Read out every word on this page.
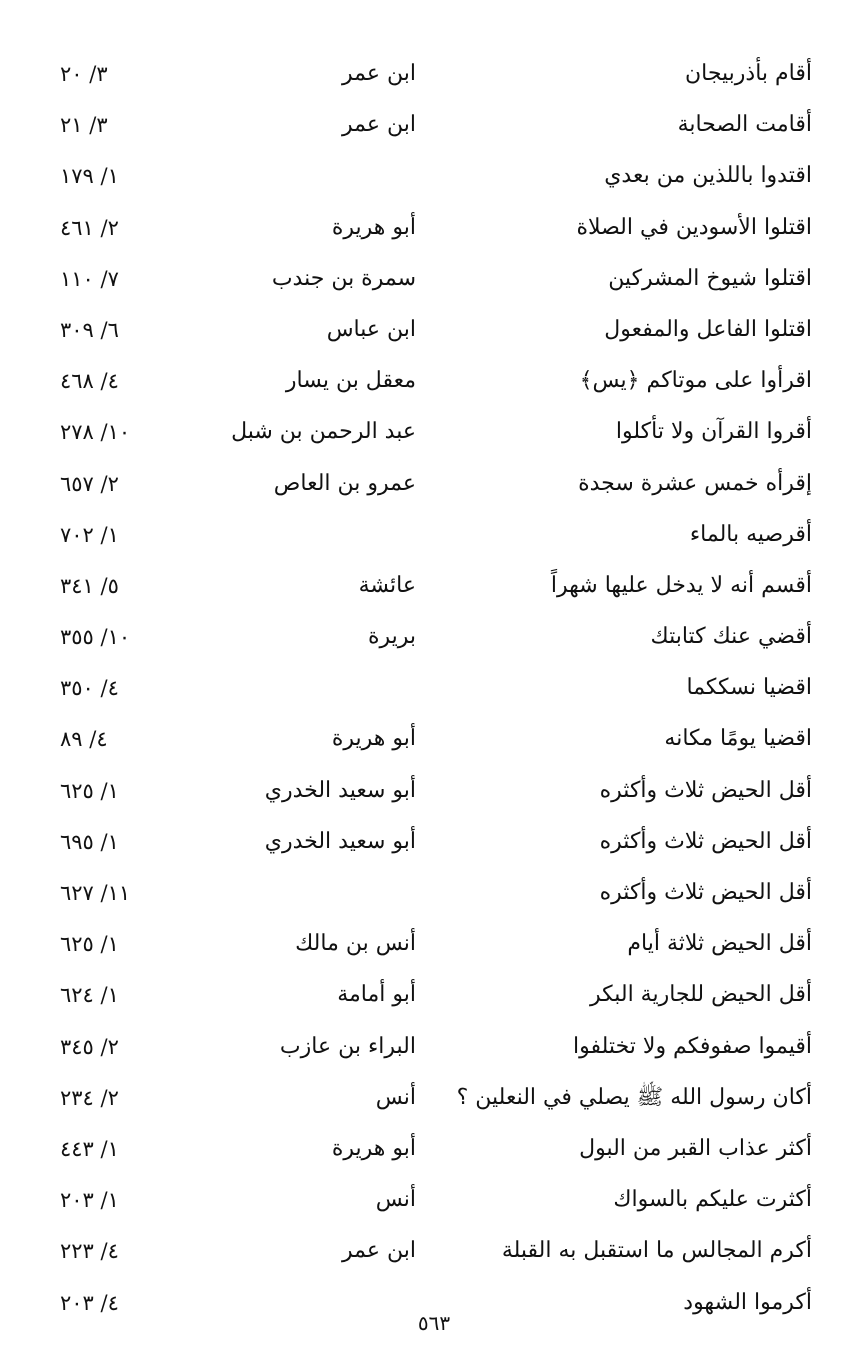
أقام بأذربيجان
ابن عمر
٣/ ٢٠
أقامت الصحابة
ابن عمر
٣/ ٢١
اقتدوا باللذين من بعدي
١/ ١٧٩
اقتلوا الأسودين في الصلاة
أبو هريرة
٢/ ٤٦١
اقتلوا شيوخ المشركين
سمرة بن جندب
٧/ ١١٠
اقتلوا الفاعل والمفعول
ابن عباس
٦/ ٣٠٩
اقرأوا على موتاكم ﴿يس﴾
معقل بن يسار
٤/ ٤٦٨
أقروا القرآن ولا تأكلوا
عبد الرحمن بن شبل
١٠/ ٢٧٨
إقرأه خمس عشرة سجدة
عمرو بن العاص
٢/ ٦٥٧
أقرصيه بالماء
١/ ٧٠٢
أقسم أنه لا يدخل عليها شهراً
عائشة
٥/ ٣٤١
أقضي عنك كتابتك
بريرة
١٠/ ٣٥٥
اقضيا نسككما
٤/ ٣٥٠
اقضيا يومًا مكانه
أبو هريرة
٤/ ٨٩
أقل الحيض ثلاث وأكثره
أبو سعيد الخدري
١/ ٦٢٥
أقل الحيض ثلاث وأكثره
أبو سعيد الخدري
١/ ٦٩٥
أقل الحيض ثلاث وأكثره
١١/ ٦٢٧
أقل الحيض ثلاثة أيام
أنس بن مالك
١/ ٦٢٥
أقل الحيض للجارية البكر
أبو أمامة
١/ ٦٢٤
أقيموا صفوفكم ولا تختلفوا
البراء بن عازب
٢/ ٣٤٥
أكان رسول الله ﷺ يصلي في النعلين ؟
أنس
٢/ ٢٣٤
أكثر عذاب القبر من البول
أبو هريرة
١/ ٤٤٣
أكثرت عليكم بالسواك
أنس
١/ ٢٠٣
أكرم المجالس ما استقبل به القبلة
ابن عمر
٤/ ٢٢٣
أكرموا الشهود
٤/ ٢٠٣
٥٦٣
